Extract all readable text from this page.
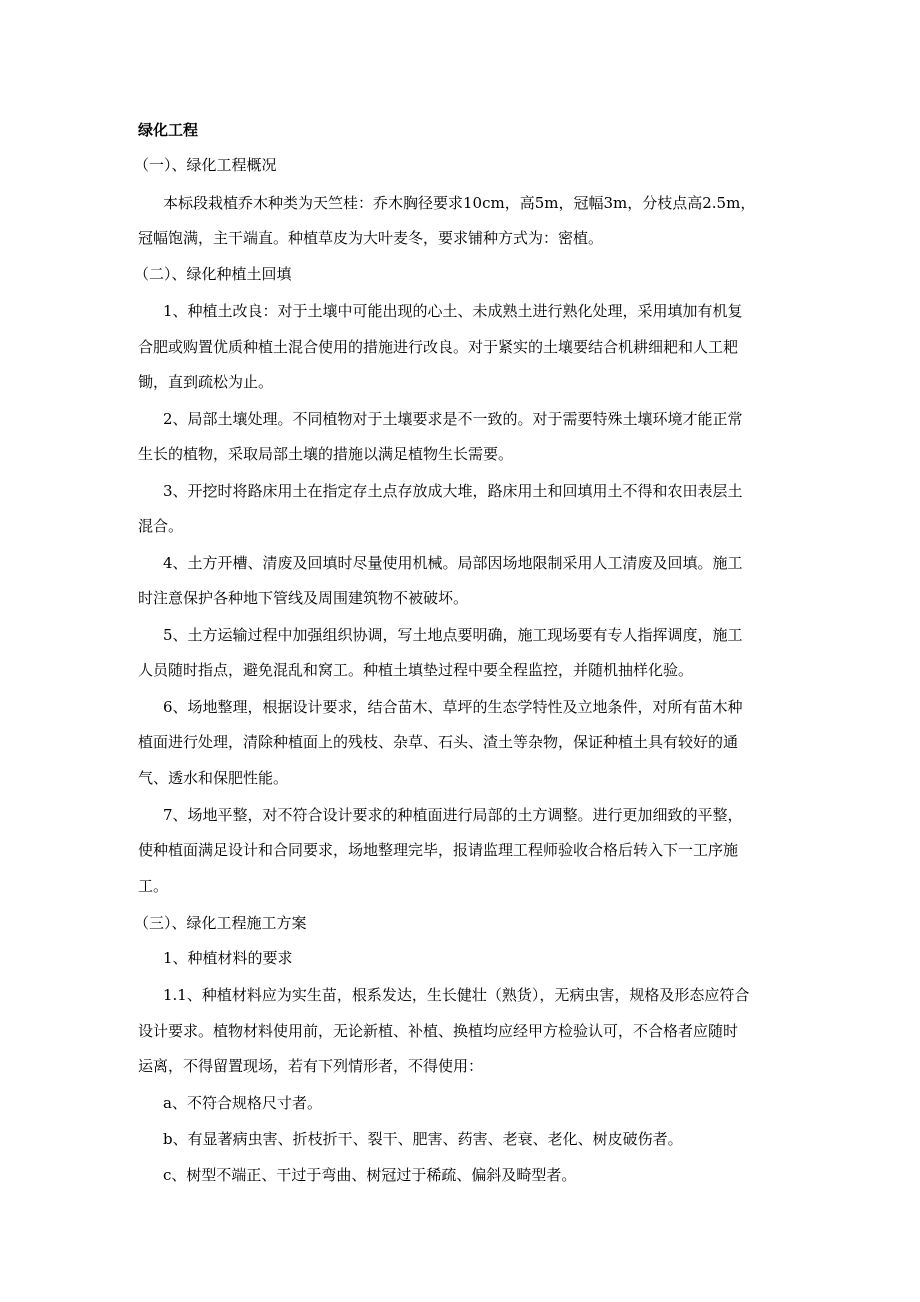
绿化工程
（一）、绿化工程概况
本标段栽植乔木种类为天竺桂：乔木胸径要求10cm，高5m，冠幅3m，分枝点高2.5m，
冠幅饱满，主干端直。种植草皮为大叶麦冬，要求铺种方式为：密植。
（二）、绿化种植土回填
1、种植土改良：对于土壤中可能出现的心土、未成熟土进行熟化处理，采用填加有机复
合肥或购置优质种植土混合使用的措施进行改良。对于紧实的土壤要结合机耕细耙和人工耙
锄，直到疏松为止。
2、局部土壤处理。不同植物对于土壤要求是不一致的。对于需要特殊土壤环境才能正常
生长的植物，采取局部土壤的措施以满足植物生长需要。
3、开挖时将路床用土在指定存土点存放成大堆，路床用土和回填用土不得和农田表层土
混合。
4、土方开槽、清废及回填时尽量使用机械。局部因场地限制采用人工清废及回填。施工
时注意保护各种地下管线及周围建筑物不被破坏。
5、土方运输过程中加强组织协调，写土地点要明确，施工现场要有专人指挥调度，施工
人员随时指点，避免混乱和窝工。种植土填垫过程中要全程监控，并随机抽样化验。
6、场地整理，根据设计要求，结合苗木、草坪的生态学特性及立地条件，对所有苗木种
植面进行处理，清除种植面上的残枝、杂草、石头、渣土等杂物，保证种植土具有较好的通
气、透水和保肥性能。
7、场地平整，对不符合设计要求的种植面进行局部的土方调整。进行更加细致的平整，
使种植面满足设计和合同要求，场地整理完毕，报请监理工程师验收合格后转入下一工序施
工。
（三）、绿化工程施工方案
1、种植材料的要求
1.1、种植材料应为实生苗，根系发达，生长健壮（熟货），无病虫害，规格及形态应符合
设计要求。植物材料使用前，无论新植、补植、换植均应经甲方检验认可，不合格者应随时
运离，不得留置现场，若有下列情形者，不得使用：
a、不符合规格尺寸者。
b、有显著病虫害、折枝折干、裂干、肥害、药害、老衰、老化、树皮破伤者。
c、树型不端正、干过于弯曲、树冠过于稀疏、偏斜及畸型者。
